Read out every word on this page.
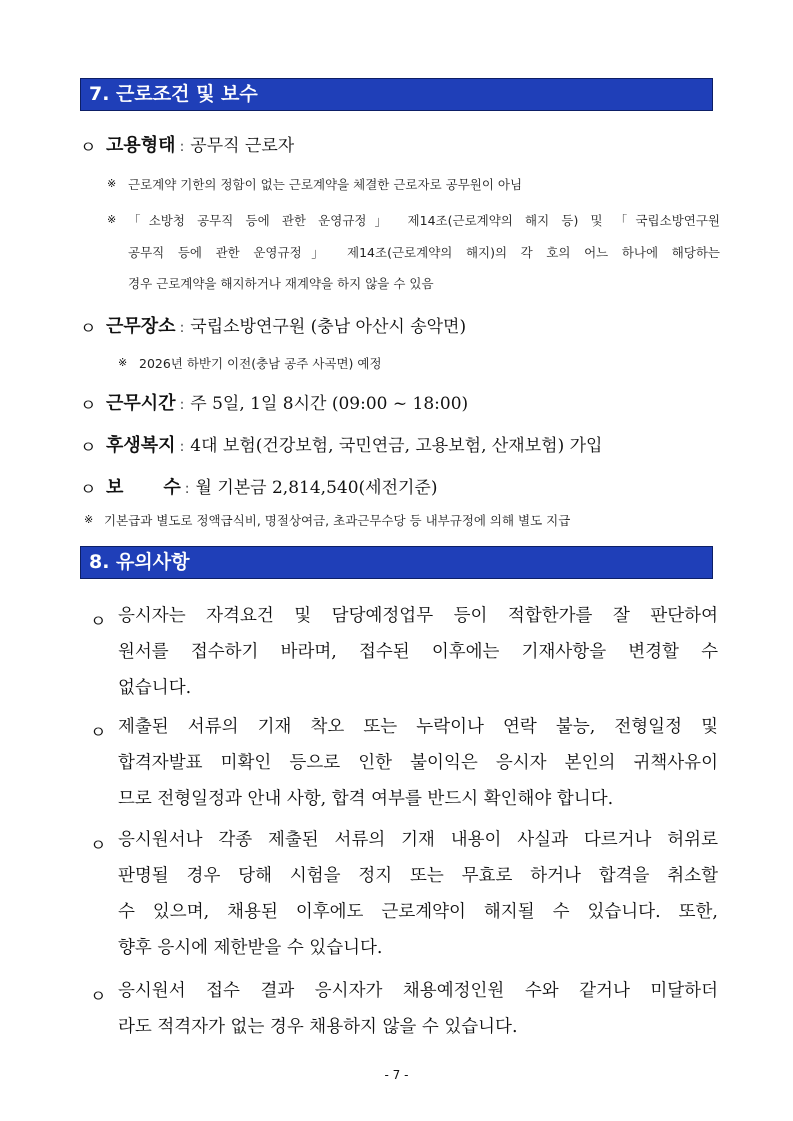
7. 근로조건 및 보수
ㅇ 고용형태 : 공무직 근로자
※ 근로계약 기한의 정함이 없는 근로계약을 체결한 근로자로 공무원이 아님
※ 「소방청 공무직 등에 관한 운영규정」 제14조(근로계약의 해지 등) 및 「국립소방연구원
공무직 등에 관한 운영규정」 제14조(근로계약의 해지)의 각 호의 어느 하나에 해당하는
경우 근로계약을 해지하거나 재계약을 하지 않을 수 있음
ㅇ 근무장소 : 국립소방연구원 (충남 아산시 송악면)
※ 2026년 하반기 이전(충남 공주 사곡면) 예정
ㅇ 근무시간 : 주 5일, 1일 8시간 (09:00 ~ 18:00)
ㅇ 후생복지 : 4대 보험(건강보험, 국민연금, 고용보험, 산재보험) 가입
ㅇ 보 수 : 월 기본금 2,814,540(세전기준)
※ 기본급과 별도로 정액급식비, 명절상여금, 초과근무수당 등 내부규정에 의해 별도 지급
8. 유의사항
ㅇ 응시자는 자격요건 및 담당예정업무 등이 적합한가를 잘 판단하여
원서를 접수하기 바라며, 접수된 이후에는 기재사항을 변경할 수
없습니다.
ㅇ 제출된 서류의 기재 착오 또는 누락이나 연락 불능, 전형일정 및
합격자발표 미확인 등으로 인한 불이익은 응시자 본인의 귀책사유이
므로 전형일정과 안내 사항, 합격 여부를 반드시 확인해야 합니다.
ㅇ 응시원서나 각종 제출된 서류의 기재 내용이 사실과 다르거나 허위로
판명될 경우 당해 시험을 정지 또는 무효로 하거나 합격을 취소할
수 있으며, 채용된 이후에도 근로계약이 해지될 수 있습니다. 또한,
향후 응시에 제한받을 수 있습니다.
ㅇ 응시원서 접수 결과 응시자가 채용예정인원 수와 같거나 미달하더
라도 적격자가 없는 경우 채용하지 않을 수 있습니다.
- 7 -
